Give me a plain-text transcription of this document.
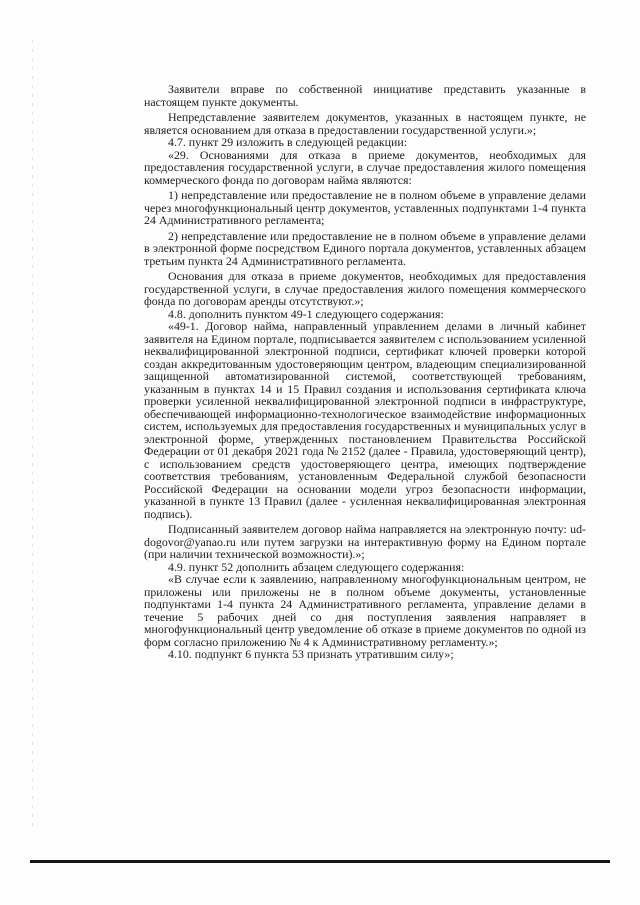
Заявители вправе по собственной инициативе представить указанные в настоящем пункте документы.

Непредставление заявителем документов, указанных в настоящем пункте, не является основанием для отказа в предоставлении государственной услуги.»;

4.7. пункт 29 изложить в следующей редакции:

«29. Основаниями для отказа в приеме документов, необходимых для предоставления государственной услуги, в случае предоставления жилого помещения коммерческого фонда по договорам найма являются:

1) непредставление или предоставление не в полном объеме в управление делами через многофункциональный центр документов, уставленных подпунктами 1-4 пункта 24 Административного регламента;

2) непредставление или предоставление не в полном объеме в управление делами в электронной форме посредством Единого портала документов, уставленных абзацем третьим пункта 24 Административного регламента.

Основания для отказа в приеме документов, необходимых для предоставления государственной услуги, в случае предоставления жилого помещения коммерческого фонда по договорам аренды отсутствуют.»;

4.8. дополнить пунктом 49-1 следующего содержания:

«49-1. Договор найма, направленный управлением делами в личный кабинет заявителя на Едином портале, подписывается заявителем с использованием усиленной неквалифицированной электронной подписи, сертификат ключей проверки которой создан аккредитованным удостоверяющим центром, владеющим специализированной защищенной автоматизированной системой, соответствующей требованиям, указанным в пунктах 14 и 15 Правил создания и использования сертификата ключа проверки усиленной неквалифицированной электронной подписи в инфраструктуре, обеспечивающей информационно-технологическое взаимодействие информационных систем, используемых для предоставления государственных и муниципальных услуг в электронной форме, утвержденных постановлением Правительства Российской Федерации от 01 декабря 2021 года № 2152 (далее - Правила, удостоверяющий центр), с использованием средств удостоверяющего центра, имеющих подтверждение соответствия требованиям, установленным Федеральной службой безопасности Российской Федерации на основании модели угроз безопасности информации, указанной в пункте 13 Правил (далее - усиленная неквалифицированная электронная подпись).

Подписанный заявителем договор найма направляется на электронную почту: ud-dogovor@yanao.ru или путем загрузки на интерактивную форму на Едином портале (при наличии технической возможности).»;

4.9. пункт 52 дополнить абзацем следующего содержания:

«В случае если к заявлению, направленному многофункциональным центром, не приложены или приложены не в полном объеме документы, установленные подпунктами 1-4 пункта 24 Административного регламента, управление делами в течение 5 рабочих дней со дня поступления заявления направляет в многофункциональный центр уведомление об отказе в приеме документов по одной из форм согласно приложению № 4 к Административному регламенту.»;

4.10. подпункт 6 пункта 53 признать утратившим силу»;
